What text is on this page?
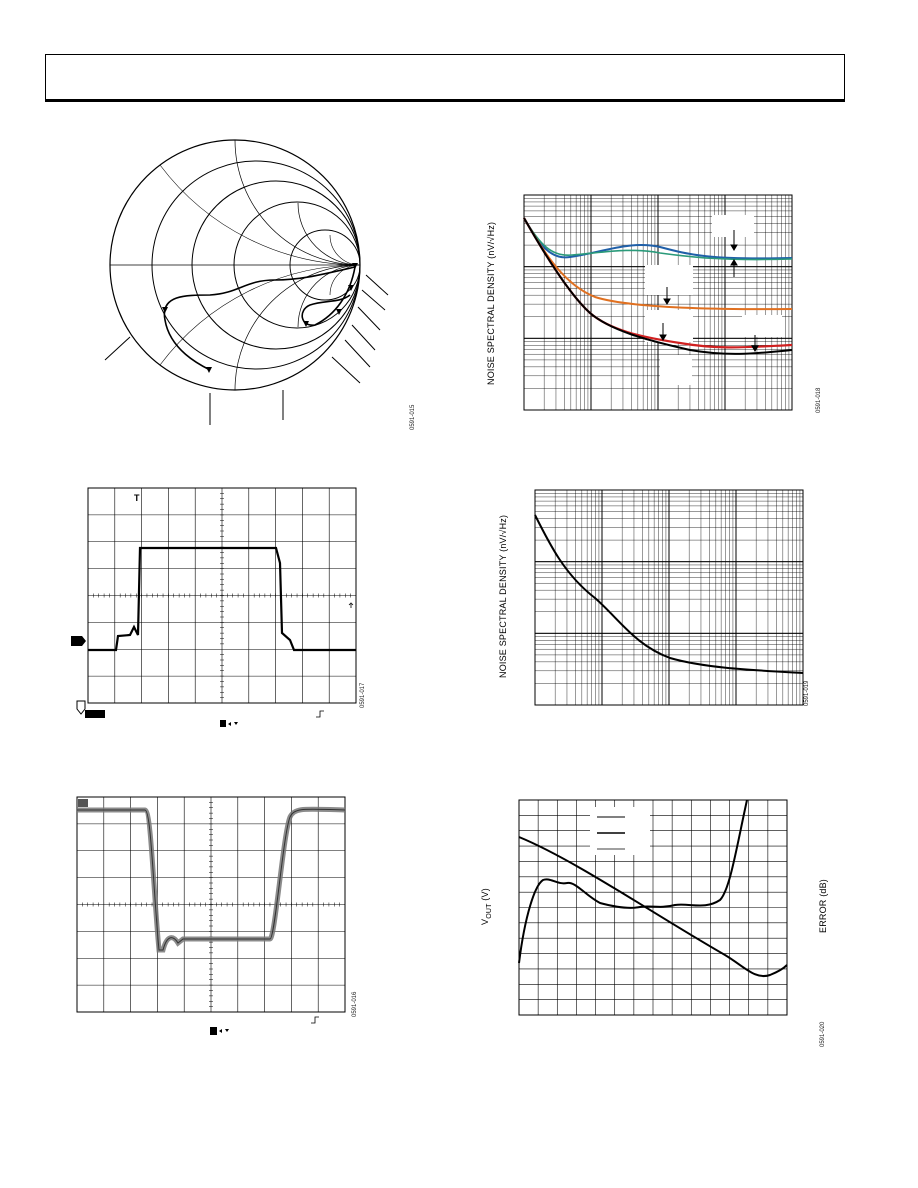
0591-015
NOISE SPECTRAL DENSITY (nV/√Hz)
0591-018
T
0591-017
NOISE SPECTRAL DENSITY (nV/√Hz)
0591-019
0591-016
$V_{OUT}$ (V)	ERROR (dB)
0591-020
